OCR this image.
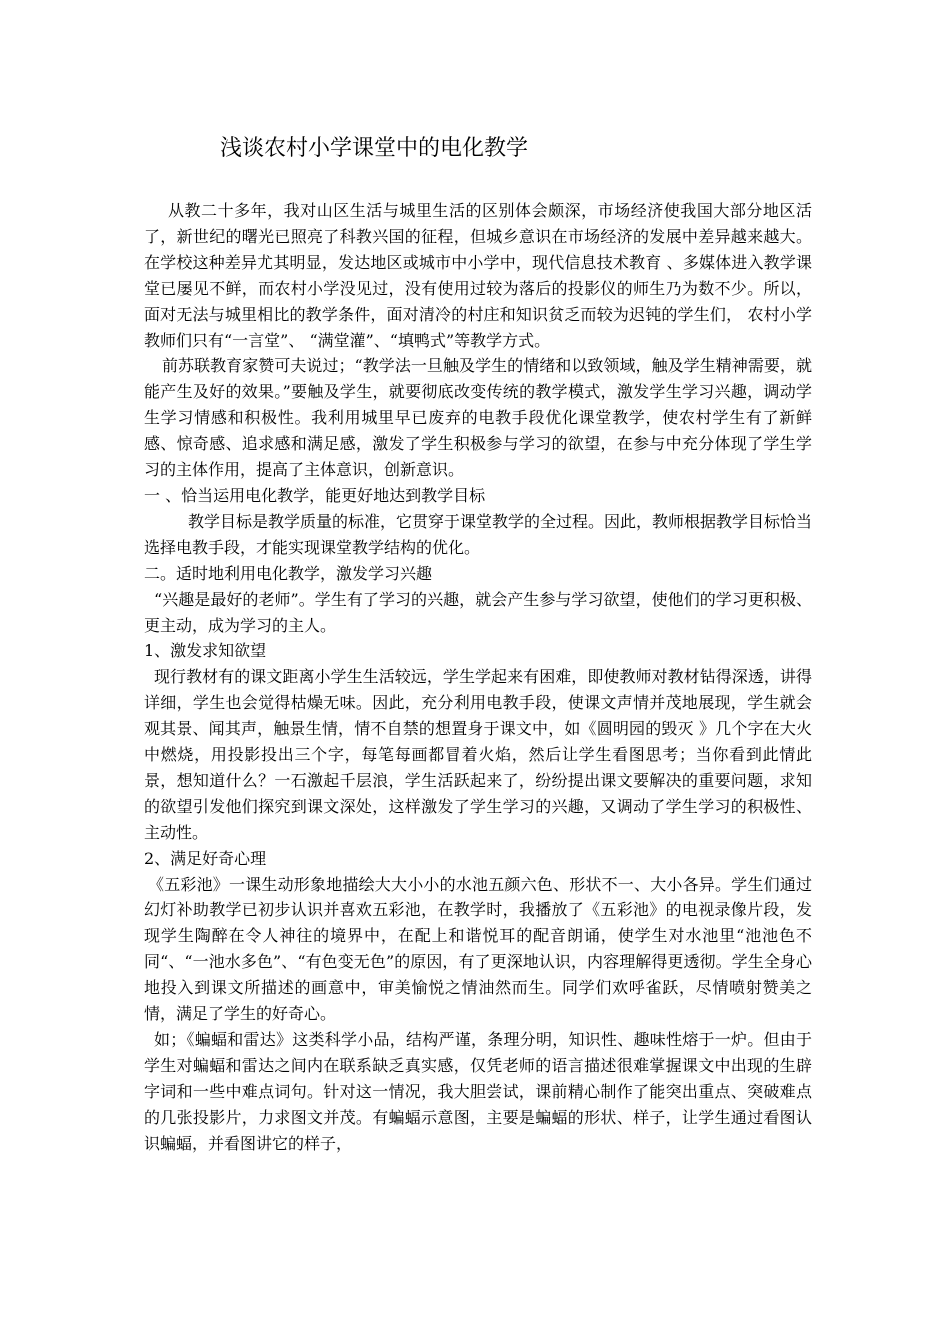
浅谈农村小学课堂中的电化教学

从教二十多年，我对山区生活与城里生活的区别体会颇深，市场经济使我国大部分地区活了，新世纪的曙光已照亮了科教兴国的征程，但城乡意识在市场经济的发展中差异越来越大。在学校这种差异尤其明显，发达地区或城市中小学中，现代信息技术教育 、多媒体进入教学课堂已屡见不鲜，而农村小学没见过，没有使用过较为落后的投影仪的师生乃为数不少。所以，面对无法与城里相比的教学条件，面对清冷的村庄和知识贫乏而较为迟钝的学生们， 农村小学教师们只有“一言堂”、 “满堂灌”、“填鸭式”等教学方式。

前苏联教育家赞可夫说过；“教学法一旦触及学生的情绪和以致领域，触及学生精神需要，就能产生及好的效果。”要触及学生，就要彻底改变传统的教学模式，激发学生学习兴趣，调动学生学习情感和积极性。我利用城里早已废弃的电教手段优化课堂教学，使农村学生有了新鲜感、惊奇感、追求感和满足感，激发了学生积极参与学习的欲望，在参与中充分体现了学生学习的主体作用，提高了主体意识，创新意识。

一 、恰当运用电化教学，能更好地达到教学目标

教学目标是教学质量的标准，它贯穿于课堂教学的全过程。因此，教师根据教学目标恰当选择电教手段，才能实现课堂教学结构的优化。

二。适时地利用电化教学，激发学习兴趣

“兴趣是最好的老师”。学生有了学习的兴趣，就会产生参与学习欲望，使他们的学习更积极、更主动，成为学习的主人。

1、激发求知欲望

现行教材有的课文距离小学生生活较远，学生学起来有困难，即使教师对教材钻得深透，讲得详细，学生也会觉得枯燥无味。因此，充分利用电教手段，使课文声情并茂地展现，学生就会观其景、闻其声，触景生情，情不自禁的想置身于课文中，如《圆明园的毁灭 》几个字在大火中燃烧，用投影投出三个字，每笔每画都冒着火焰，然后让学生看图思考；当你看到此情此景，想知道什么？一石激起千层浪，学生活跃起来了，纷纷提出课文要解决的重要问题，求知的欲望引发他们探究到课文深处，这样激发了学生学习的兴趣，又调动了学生学习的积极性、主动性。

2、满足好奇心理

《五彩池》一课生动形象地描绘大大小小的水池五颜六色、形状不一、大小各异。学生们通过幻灯补助教学已初步认识并喜欢五彩池，在教学时，我播放了《五彩池》的电视录像片段，发现学生陶醉在令人神往的境界中，在配上和谐悦耳的配音朗诵，使学生对水池里“池池色不同“、“一池水多色”、“有色变无色”的原因，有了更深地认识，内容理解得更透彻。学生全身心地投入到课文所描述的画意中，审美愉悦之情油然而生。同学们欢呼雀跃，尽情喷射赞美之情，满足了学生的好奇心。

如；《蝙蝠和雷达》这类科学小品，结构严谨，条理分明，知识性、趣味性熔于一炉。但由于学生对蝙蝠和雷达之间内在联系缺乏真实感，仅凭老师的语言描述很难掌握课文中出现的生辟字词和一些中难点词句。针对这一情况，我大胆尝试，课前精心制作了能突出重点、突破难点的几张投影片，力求图文并茂。有蝙蝠示意图，主要是蝙蝠的形状、样子，让学生通过看图认识蝙蝠，并看图讲它的样子，
